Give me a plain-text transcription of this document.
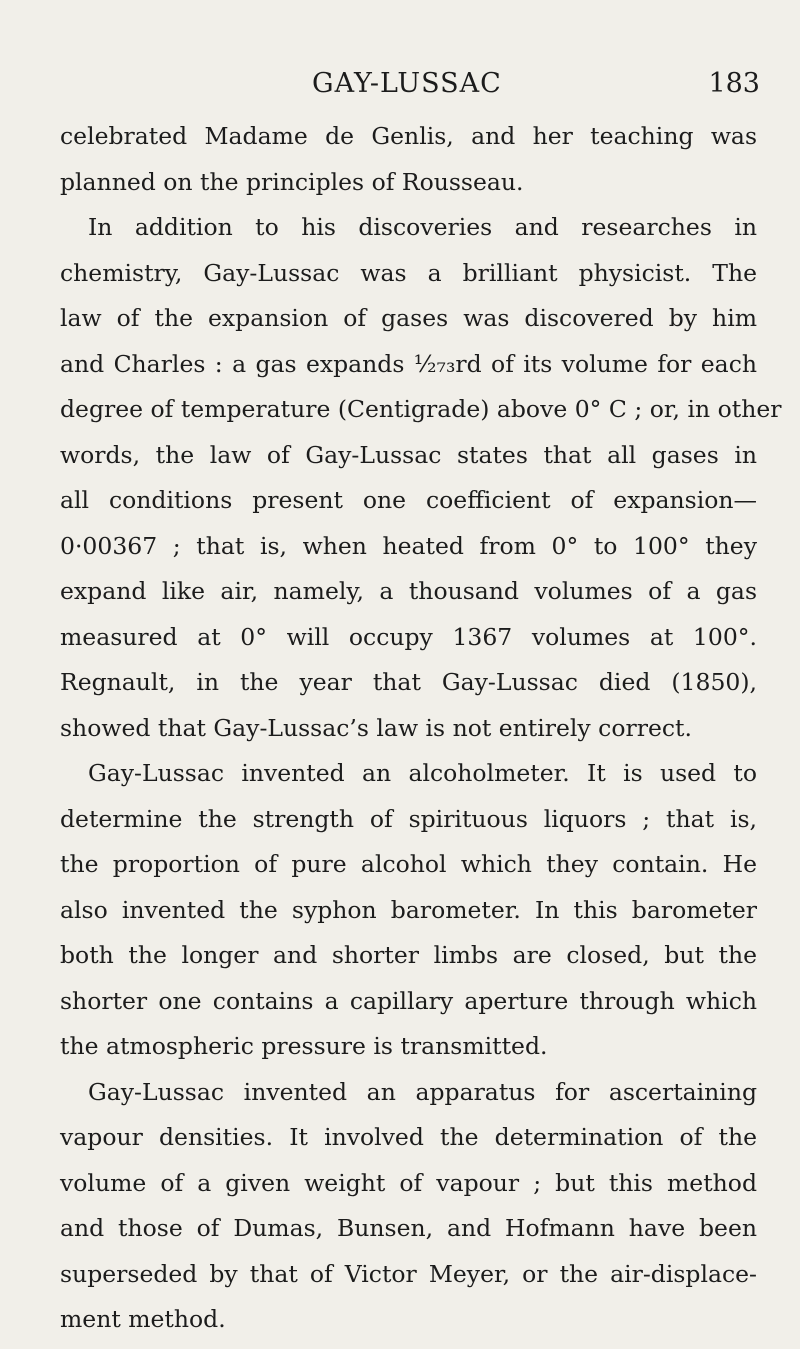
GAY-LUSSAC	183
celebrated Madame de Genlis, and her teaching was
planned on the principles of Rousseau.
In addition to his discoveries and researches in
chemistry, Gay-Lussac was a brilliant physicist. The
law of the expansion of gases was discovered by him
and Charles : a gas expands ¹⁄₂₇₃rd of its volume for each
degree of temperature (Centigrade) above 0° C ; or, in other
words, the law of Gay-Lussac states that all gases in
all conditions present one coefficient of expansion—
0·00367 ; that is, when heated from 0° to 100° they
expand like air, namely, a thousand volumes of a gas
measured at 0° will occupy 1367 volumes at 100°.
Regnault, in the year that Gay-Lussac died (1850),
showed that Gay-Lussac’s law is not entirely correct.
Gay-Lussac invented an alcoholmeter. It is used to
determine the strength of spirituous liquors ; that is,
the proportion of pure alcohol which they contain. He
also invented the syphon barometer. In this barometer
both the longer and shorter limbs are closed, but the
shorter one contains a capillary aperture through which
the atmospheric pressure is transmitted.
Gay-Lussac invented an apparatus for ascertaining
vapour densities. It involved the determination of the
volume of a given weight of vapour ; but this method
and those of Dumas, Bunsen, and Hofmann have been
superseded by that of Victor Meyer, or the air-displace-
ment method.
